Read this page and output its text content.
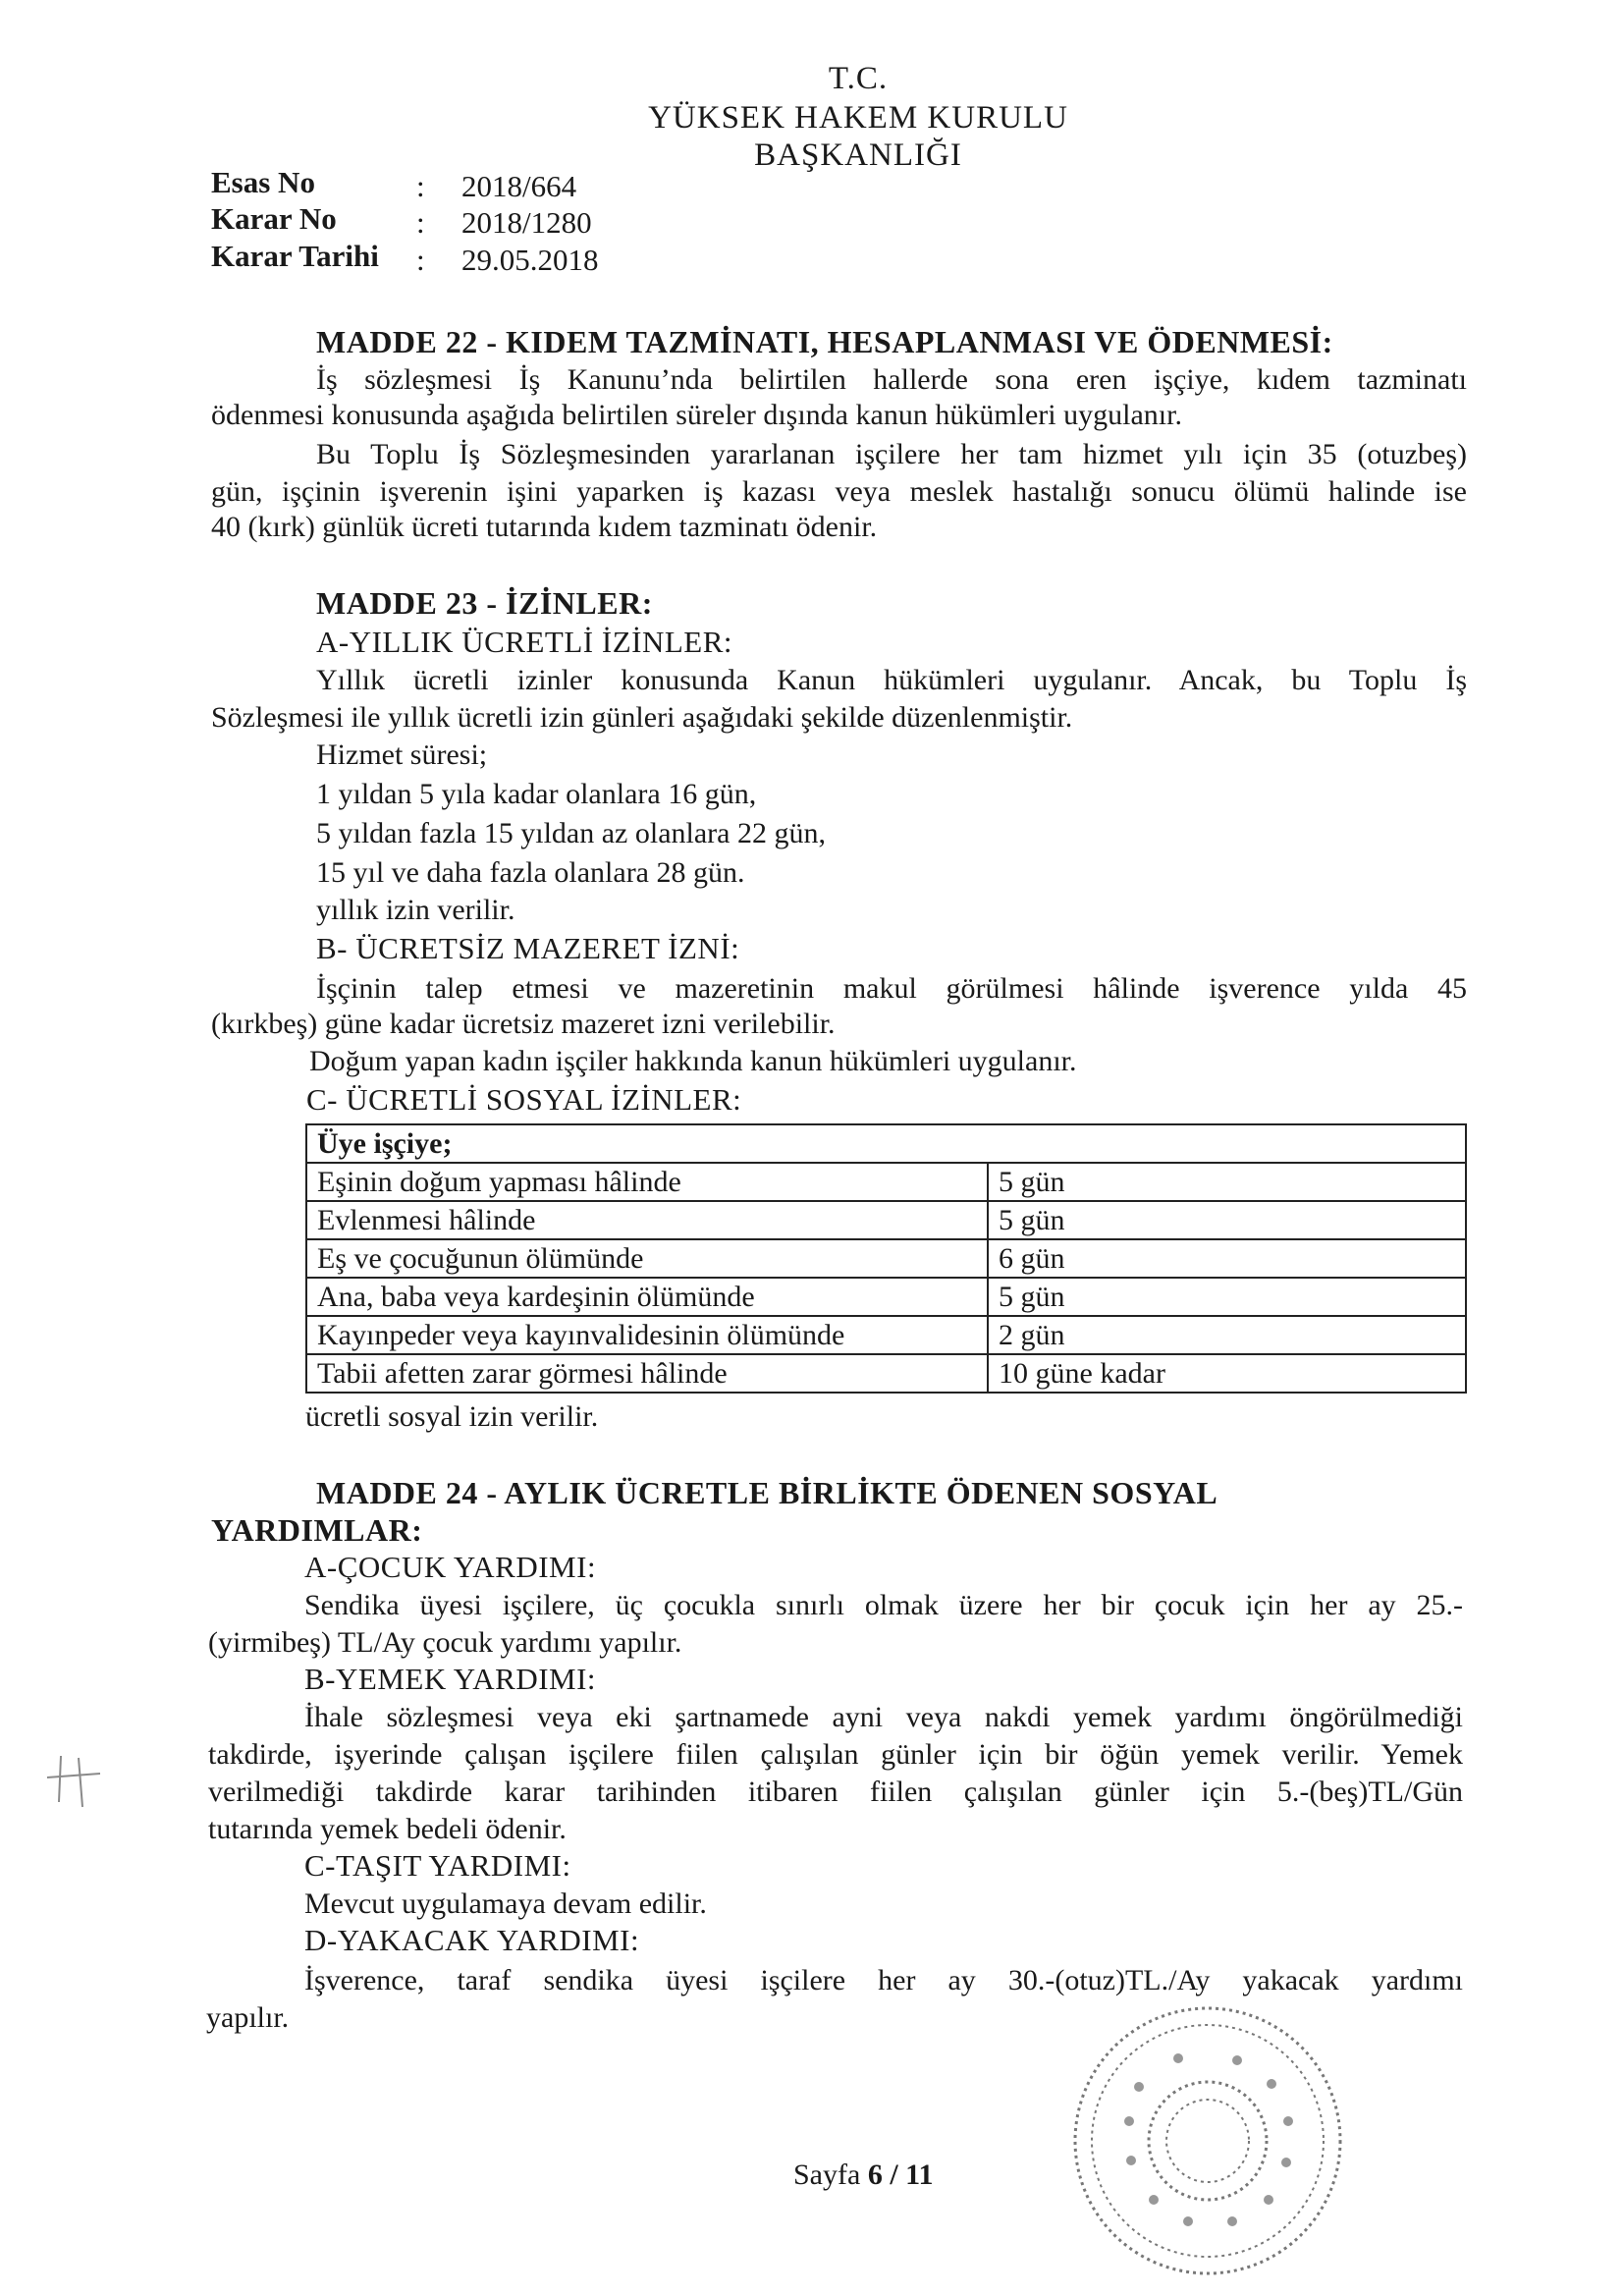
T.C.
YÜKSEK HAKEM KURULU
BAŞKANLIĞI
Esas No	: 2018/664
Karar No	: 2018/1280
Karar Tarihi : 29.05.2018
MADDE 22 - KIDEM TAZMİNATI, HESAPLANMASI VE ÖDENMESİ:
İş sözleşmesi İş Kanunu’nda belirtilen hallerde sona eren işçiye, kıdem tazminatı
ödenmesi konusunda aşağıda belirtilen süreler dışında kanun hükümleri uygulanır.
Bu Toplu İş Sözleşmesinden yararlanan işçilere her tam hizmet yılı için 35 (otuzbeş)
gün, işçinin işverenin işini yaparken iş kazası veya meslek hastalığı sonucu ölümü halinde ise
40 (kırk) günlük ücreti tutarında kıdem tazminatı ödenir.
MADDE 23 - İZİNLER:
A-YILLIK ÜCRETLİ İZİNLER:
Yıllık ücretli izinler konusunda Kanun hükümleri uygulanır. Ancak, bu Toplu İş
Sözleşmesi ile yıllık ücretli izin günleri aşağıdaki şekilde düzenlenmiştir.
Hizmet süresi;
1 yıldan 5 yıla kadar olanlara 16 gün,
5 yıldan fazla 15 yıldan az olanlara 22 gün,
15 yıl ve daha fazla olanlara 28 gün.
yıllık izin verilir.
B- ÜCRETSİZ MAZERET İZNİ:
İşçinin talep etmesi ve mazeretinin makul görülmesi hâlinde işverence yılda 45
(kırkbeş) güne kadar ücretsiz mazeret izni verilebilir.
Doğum yapan kadın işçiler hakkında kanun hükümleri uygulanır.
C- ÜCRETLİ SOSYAL İZİNLER:
Üye işçiye;	
Eşinin doğum yapması hâlinde	5 gün
Evlenmesi hâlinde	5 gün
Eş ve çocuğunun ölümünde	6 gün
Ana, baba veya kardeşinin ölümünde	5 gün
Kayınpeder veya kayınvalidesinin ölümünde	2 gün
Tabii afetten zarar görmesi hâlinde	10 güne kadar
ücretli sosyal izin verilir.
MADDE 24 - AYLIK ÜCRETLE BİRLİKTE ÖDENEN SOSYAL
YARDIMLAR:
A-ÇOCUK YARDIMI:
Sendika üyesi işçilere, üç çocukla sınırlı olmak üzere her bir çocuk için her ay 25.-
(yirmibeş) TL/Ay çocuk yardımı yapılır.
B-YEMEK YARDIMI:
İhale sözleşmesi veya eki şartnamede ayni veya nakdi yemek yardımı öngörülmediği
takdirde, işyerinde çalışan işçilere fiilen çalışılan günler için bir öğün yemek verilir. Yemek
verilmediği takdirde karar tarihinden itibaren fiilen çalışılan günler için 5.-(beş)TL/Gün
tutarında yemek bedeli ödenir.
C-TAŞIT YARDIMI:
Mevcut uygulamaya devam edilir.
D-YAKACAK YARDIMI:
İşverence, taraf sendika üyesi işçilere her ay 30.-(otuz)TL./Ay yakacak yardımı
yapılır.
Sayfa 6 / 11
